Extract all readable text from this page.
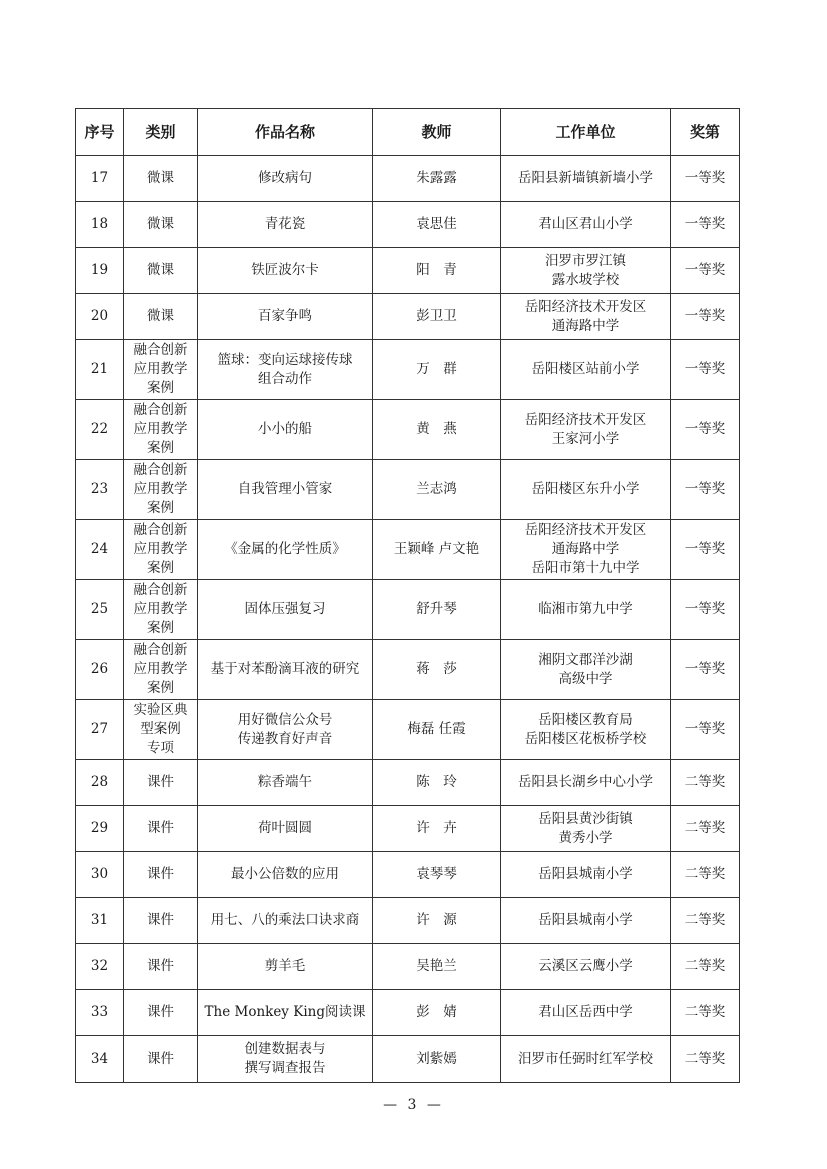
序号	类别	作品名称	教师	工作单位	奖第
17	微课	修改病句	朱露露	岳阳县新墙镇新墙小学	一等奖
18	微课	青花瓷	袁思佳	君山区君山小学	一等奖
19	微课	铁匠波尔卡	阳　青	汨罗市罗江镇
露水坡学校	一等奖
20	微课	百家争鸣	彭卫卫	岳阳经济技术开发区
通海路中学	一等奖
21	融合创新
应用教学
案例	篮球：变向运球接传球
组合动作	万　群	岳阳楼区站前小学	一等奖
22	融合创新
应用教学
案例	小小的船	黄　燕	岳阳经济技术开发区
王家河小学	一等奖
23	融合创新
应用教学
案例	自我管理小管家	兰志鸿	岳阳楼区东升小学	一等奖
24	融合创新
应用教学
案例	《金属的化学性质》	王颖峰 卢文艳	岳阳经济技术开发区
通海路中学
岳阳市第十九中学	一等奖
25	融合创新
应用教学
案例	固体压强复习	舒升琴	临湘市第九中学	一等奖
26	融合创新
应用教学
案例	基于对苯酚滴耳液的研究	蒋　莎	湘阴文郡洋沙湖
高级中学	一等奖
27	实验区典
型案例
专项	用好微信公众号
传递教育好声音	梅磊 任霞	岳阳楼区教育局
岳阳楼区花板桥学校	一等奖
28	课件	粽香端午	陈　玲	岳阳县长湖乡中心小学	二等奖
29	课件	荷叶圆圆	许　卉	岳阳县黄沙街镇
黄秀小学	二等奖
30	课件	最小公倍数的应用	袁琴琴	岳阳县城南小学	二等奖
31	课件	用七、八的乘法口诀求商	许　源	岳阳县城南小学	二等奖
32	课件	剪羊毛	吴艳兰	云溪区云鹰小学	二等奖
33	课件	The Monkey King阅读课	彭　婧	君山区岳西中学	二等奖
34	课件	创建数据表与
撰写调查报告	刘紫嫣	汨罗市任弼时红军学校	二等奖
— 3 —
